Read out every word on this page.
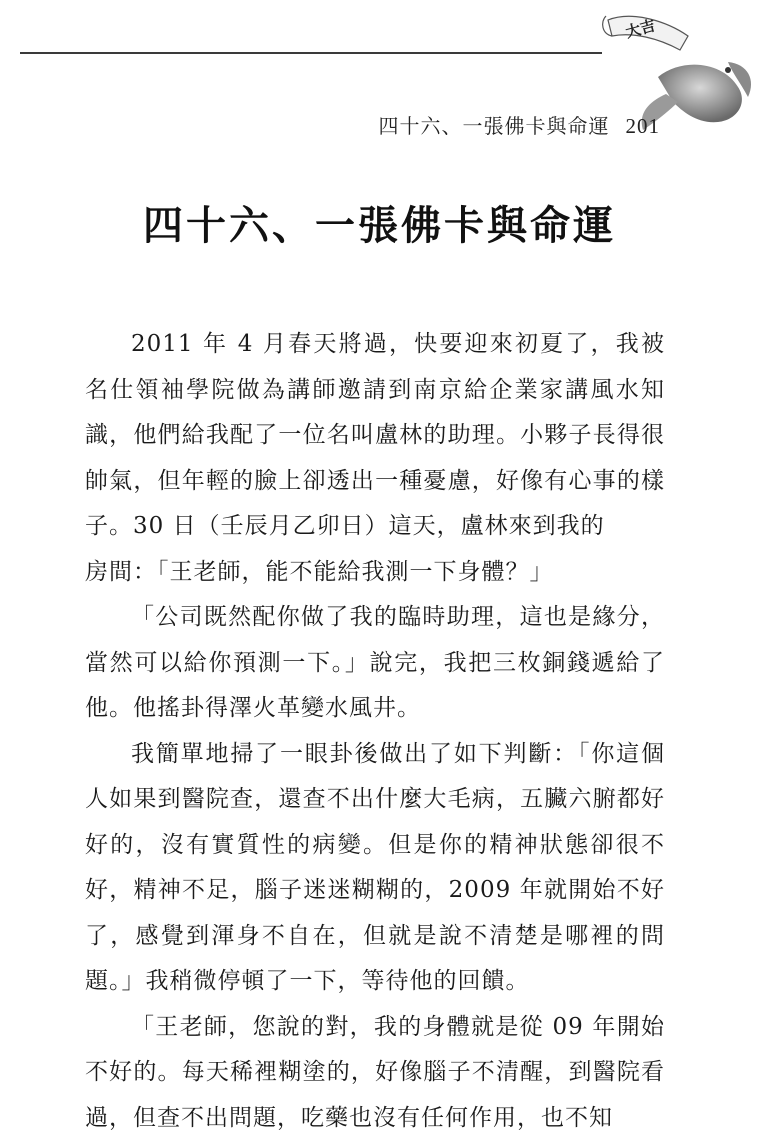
大吉
四十六、一張佛卡與命運 201
四十六、一張佛卡與命運

2011 年 4 月春天將過，快要迎來初夏了，我被名仕領袖學院做為講師邀請到南京給企業家講風水知識，他們給我配了一位名叫盧林的助理。小夥子長得很帥氣，但年輕的臉上卻透出一種憂慮，好像有心事的樣子。30 日（壬辰月乙卯日）這天，盧林來到我的

房間：「王老師，能不能給我測一下身體？」

「公司既然配你做了我的臨時助理，這也是緣分，當然可以給你預測一下。」說完，我把三枚銅錢遞給了他。他搖卦得澤火革變水風井。

我簡單地掃了一眼卦後做出了如下判斷：「你這個人如果到醫院查，還查不出什麼大毛病，五臟六腑都好好的，沒有實質性的病變。但是你的精神狀態卻很不好，精神不足，腦子迷迷糊糊的，2009 年就開始不好了，感覺到渾身不自在，但就是說不清楚是哪裡的問題。」我稍微停頓了一下，等待他的回饋。

「王老師，您說的對，我的身體就是從 09 年開始不好的。每天稀裡糊塗的，好像腦子不清醒，到醫院看過，但查不出問題，吃藥也沒有任何作用，也不知
